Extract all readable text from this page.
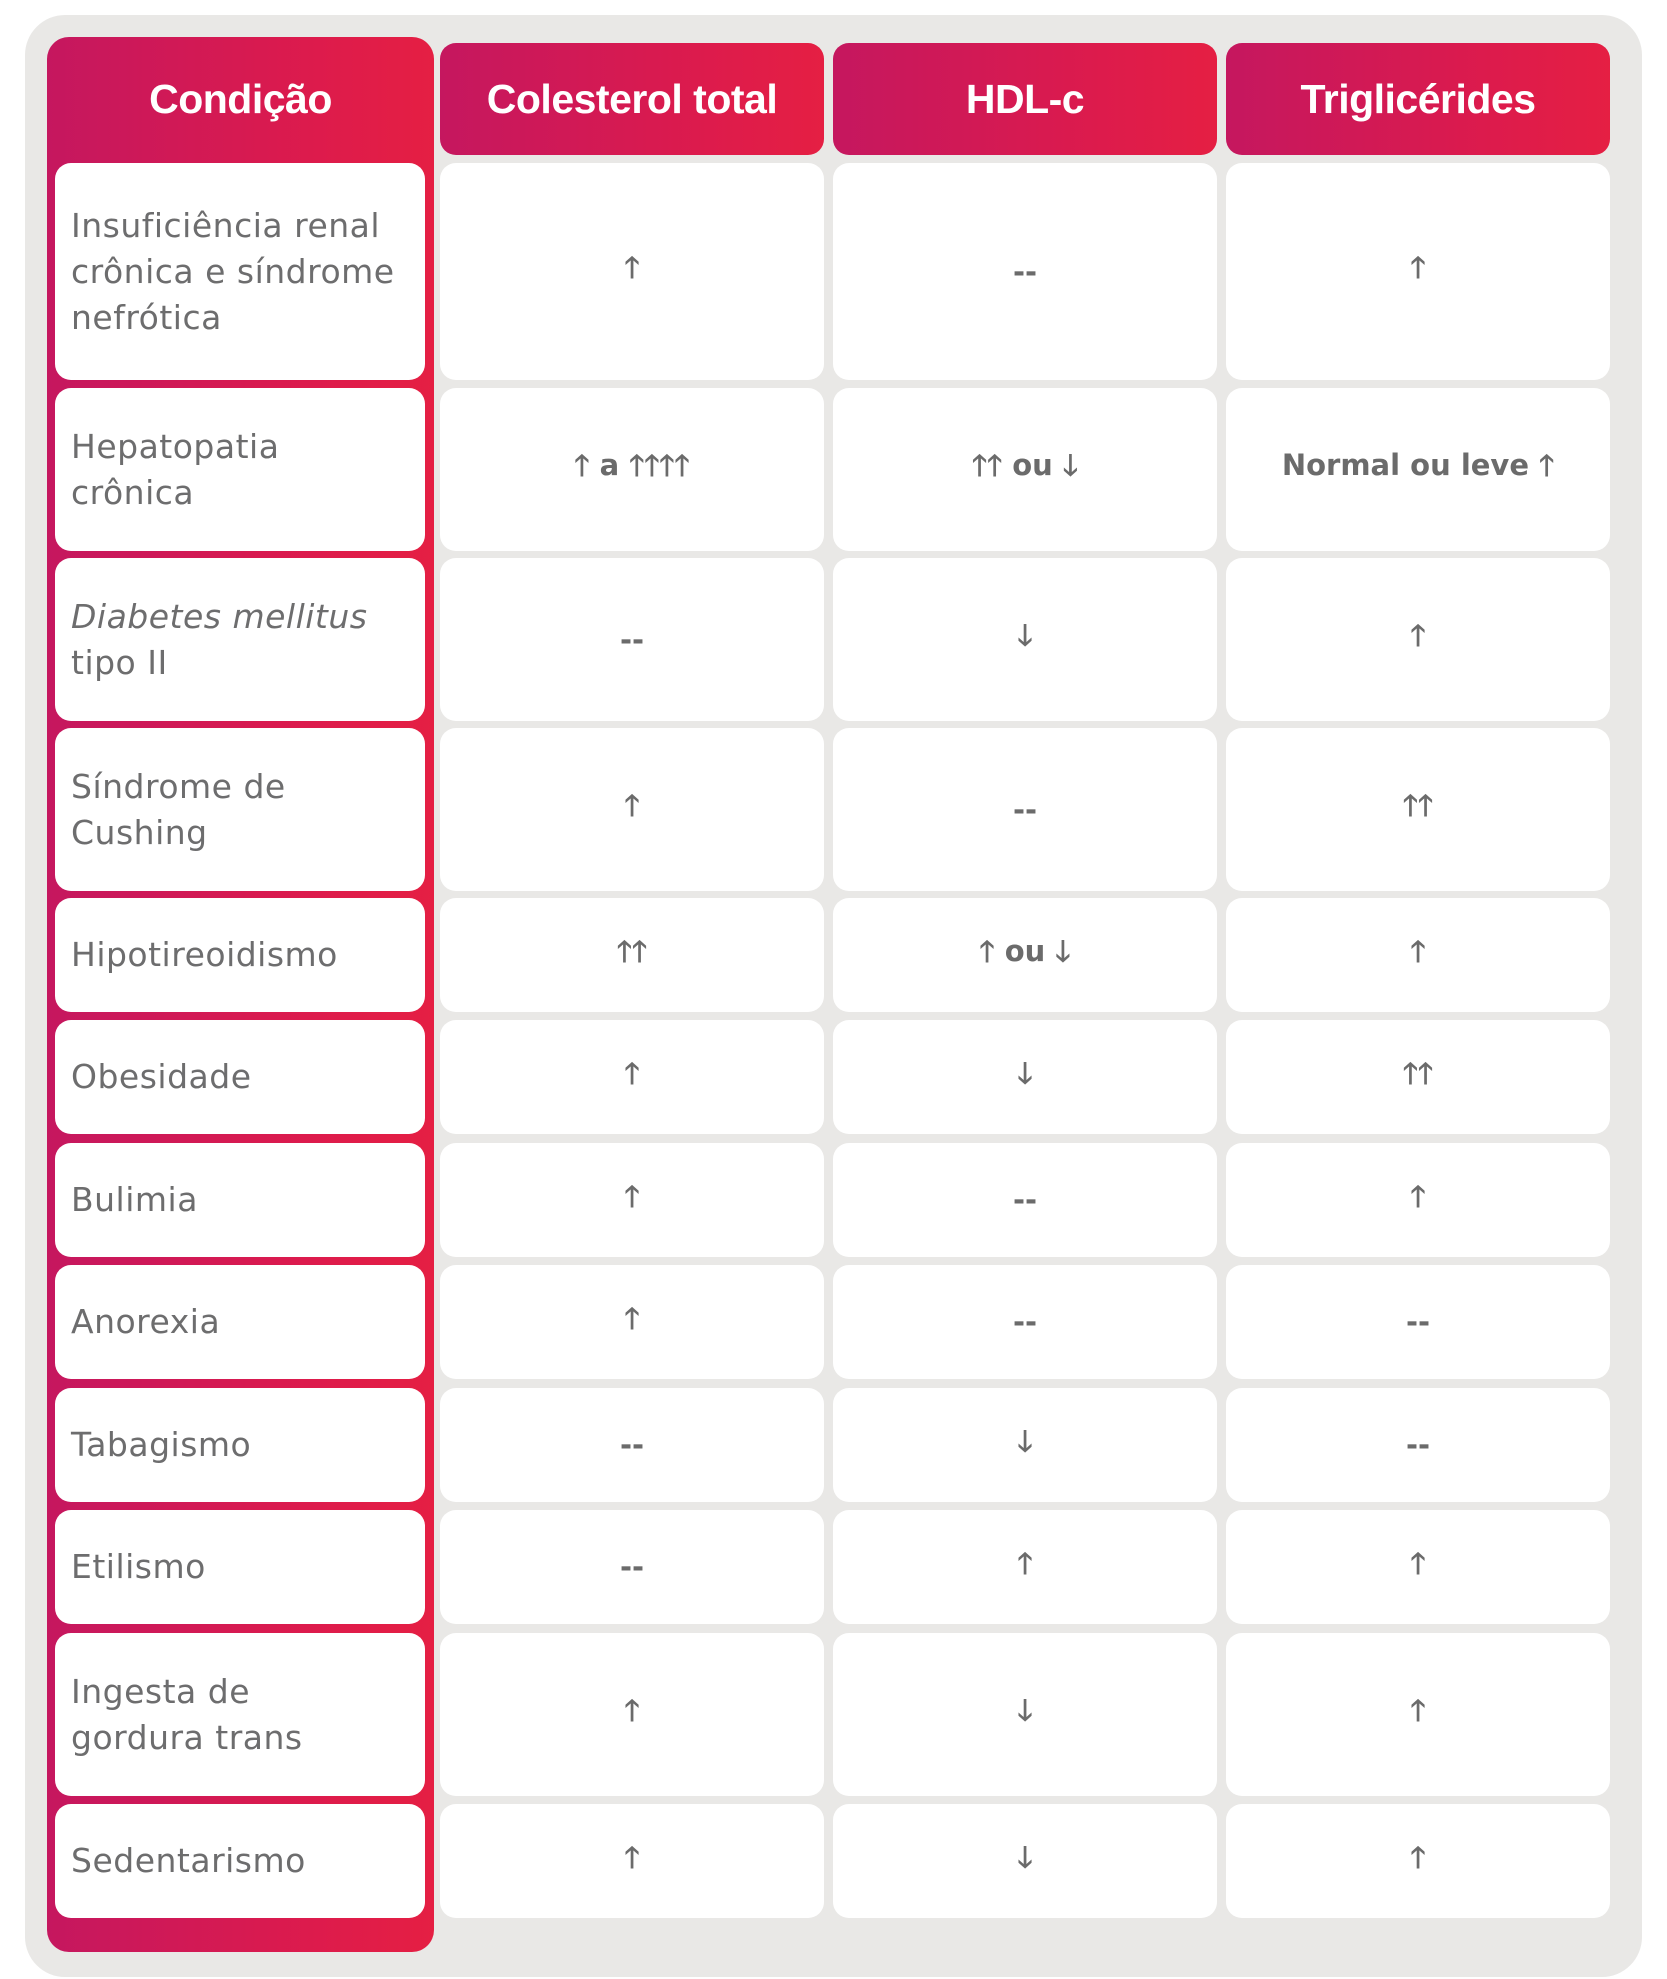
Condição	Colesterol total	HDL-c	Triglicérides
Insuficiência renal
crônica e síndrome
nefrótica
🡑	--	🡑
Hepatopatia
crônica
🡑 a 🡑🡑🡑🡑	🡑🡑 ou 🡓	Normal ou leve 🡑
Diabetes mellitus
tipo II
--	🡓	🡑
Síndrome de
Cushing
🡑	--	🡑🡑
Hipotireoidismo	🡑🡑	🡑 ou 🡓	🡑
Obesidade	🡑	🡓	🡑🡑
Bulimia	🡑	--	🡑
Anorexia	🡑	--	--
Tabagismo	--	🡓	--
Etilismo	--	🡑	🡑
Ingesta de
gordura trans
🡑	🡓	🡑
Sedentarismo	🡑	🡓	🡑
